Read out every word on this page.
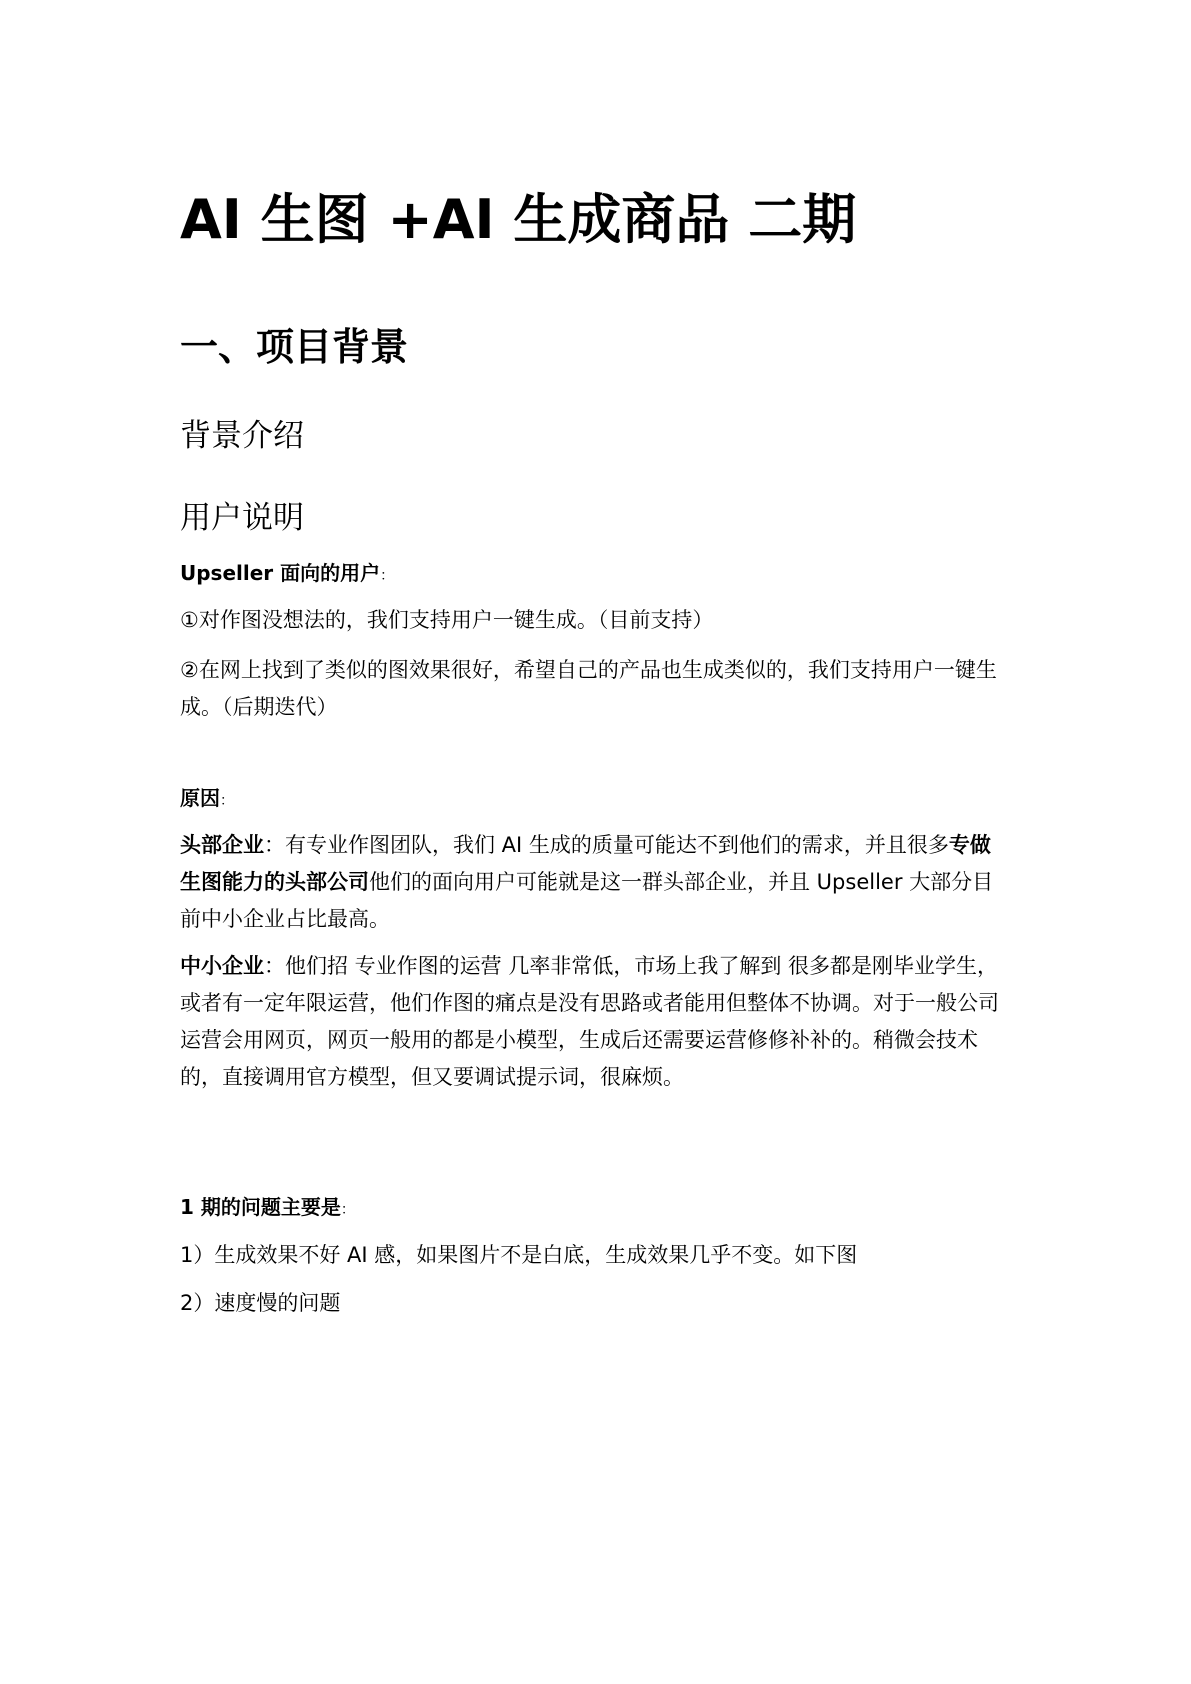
AI 生图 +AI 生成商品 二期
一、项目背景
背景介绍
用户说明

Upseller 面向的用户：

①对作图没想法的，我们支持用户一键生成。（目前支持）

②在网上找到了类似的图效果很好，希望自己的产品也生成类似的，我们支持用户一键生成。（后期迭代）

原因：

头部企业：有专业作图团队，我们 AI 生成的质量可能达不到他们的需求，并且很多专做生图能力的头部公司他们的面向用户可能就是这一群头部企业，并且 Upseller 大部分目前中小企业占比最高。

中小企业：他们招 专业作图的运营 几率非常低，市场上我了解到 很多都是刚毕业学生，或者有一定年限运营，他们作图的痛点是没有思路或者能用但整体不协调。对于一般公司运营会用网页，网页一般用的都是小模型，生成后还需要运营修修补补的。稍微会技术的，直接调用官方模型，但又要调试提示词，很麻烦。

1 期的问题主要是：

1）生成效果不好 AI 感，如果图片不是白底，生成效果几乎不变。如下图

2）速度慢的问题
